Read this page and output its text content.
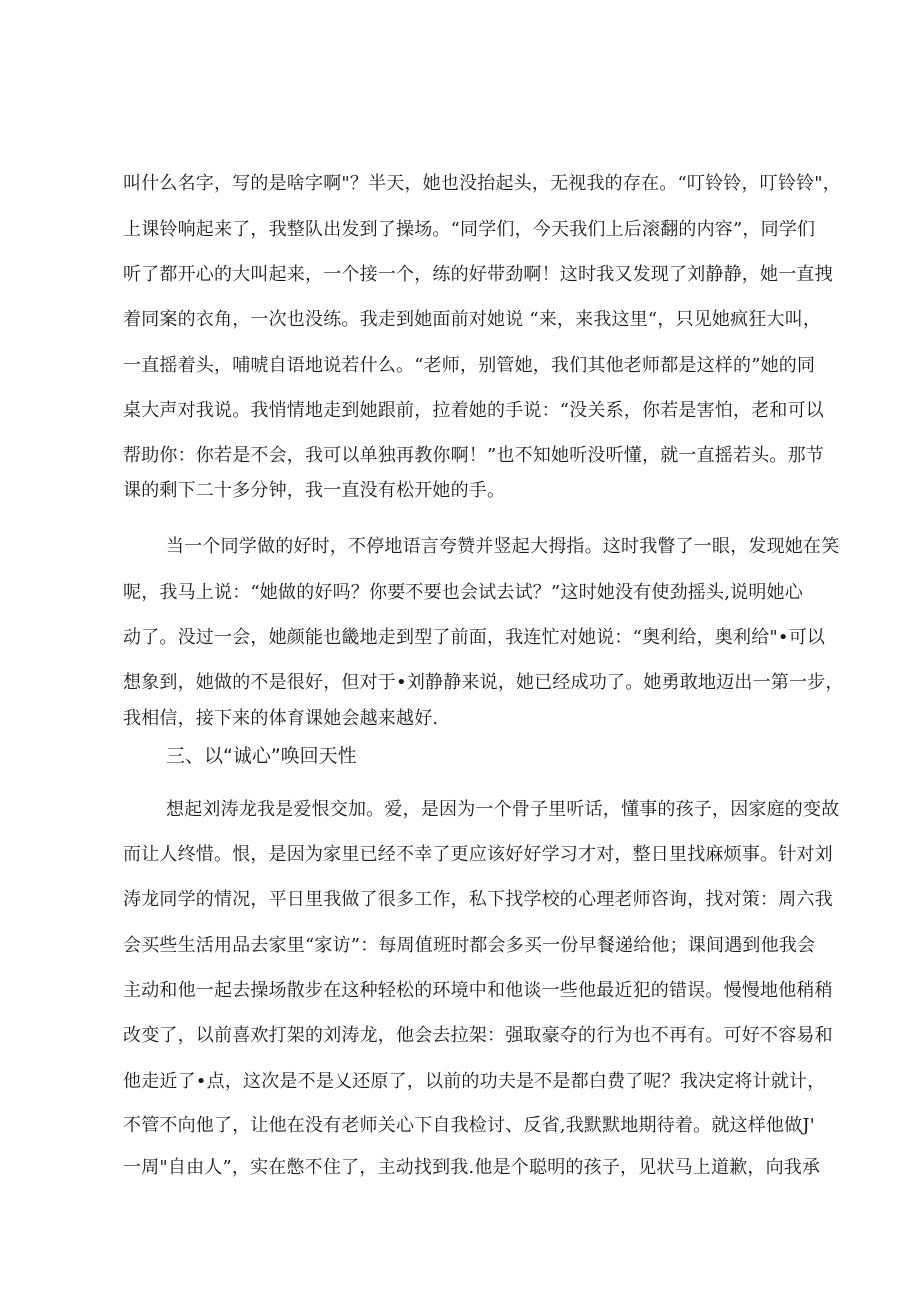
叫什么名字，写的是啥字啊"？半天，她也没抬起头，无视我的存在。“叮铃铃，叮铃铃"，
上课铃响起来了，我整队出发到了操场。“同学们，今天我们上后滚翻的内容”，同学们
听了都开心的大叫起来，一个接一个，练的好带劲啊！这时我又发现了刘静静，她一直拽
着同案的衣角，一次也没练。我走到她面前对她说 “来，来我这里“，只见她疯狂大叫，
一直摇着头，哺唬自语地说若什么。“老师，别管她，我们其他老师都是这样的”她的同
桌大声对我说。我悄情地走到她跟前，拉着她的手说：“没关系，你若是害怕，老和可以
帮助你：你若是不会，我可以单独再教你啊！”也不知她听没听懂，就一直摇若头。那节
课的剩下二十多分钟，我一直没有松开她的手。
当一个同学做的好时，不停地语言夸赞并竖起大拇指。这时我瞥了一眼，发现她在笑
呢，我马上说：“她做的好吗？你要不要也会试去试？”这时她没有使劲摇头,说明她心
动了。没过一会，她颜能也畿地走到型了前面，我连忙对她说：“奥利给，奥利给"•可以
想象到，她做的不是很好，但对于•刘静静来说，她已经成功了。她勇敢地迈出一第一步，
我相信，接下来的体育课她会越来越好.
三、以“诚心”唤回天性
想起刘涛龙我是爱恨交加。爱，是因为一个骨子里听话，懂事的孩子，因家庭的变故
而让人终惜。恨，是因为家里已经不幸了更应该好好学习才对，整日里找麻烦事。针对刘
涛龙同学的情况，平日里我做了很多工作，私下找学校的心理老师咨询，找对策：周六我
会买些生活用品去家里“家访”：每周值班时都会多买一份早餐递给他；课间遇到他我会
主动和他一起去操场散步在这种轻松的环境中和他谈一些他最近犯的错误。慢慢地他稍稍
改变了，以前喜欢打架的刘涛龙，他会去拉架：强取豪夺的行为也不再有。可好不容易和
他走近了•点，这次是不是乂还原了，以前的功夫是不是都白费了呢？我决定将计就计，
不管不向他了，让他在没有老师关心下自我检讨、反省,我默默地期待着。就这样他做J'
一周"自由人”，实在憋不住了，主动找到我.他是个聪明的孩子，见状马上道歉，向我承
